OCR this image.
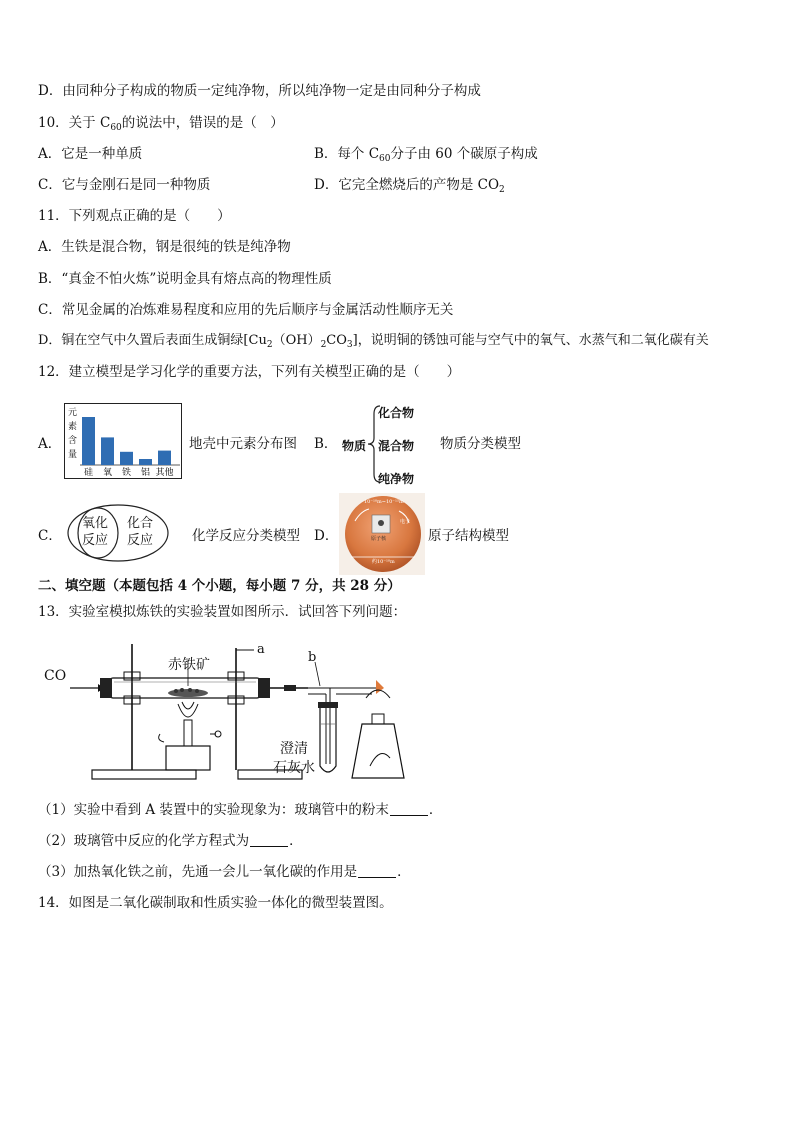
D．由同种分子构成的物质一定纯净物，所以纯净物一定是由同种分子构成
10．关于 $C_{60}$的说法中，错误的是（　）
A．它是一种单质	B．每个 $C_{60}$分子由 60 个碳原子构成
C．它与金刚石是同一种物质	D．它完全燃烧后的产物是 $CO_2$
11．下列观点正确的是（　　）
A．生铁是混合物，钢是很纯的铁是纯净物
B．“真金不怕火炼”说明金具有熔点高的物理性质
C．常见金属的冶炼难易程度和应用的先后顺序与金属活动性顺序无关
D．铜在空气中久置后表面生成铜绿$[Cu_2(OH)_2CO_3]$，说明铜的锈蚀可能与空气中的氧气、水蒸气和二氧化碳有关
12．建立模型是学习化学的重要方法，下列有关模型正确的是（　　）
A．
元
素
含
量
硅 氧 铁 铝 其他
地壳中元素分布图 B． 物质
化合物
混合物
纯净物
物质分类模型
C．
氧化
反应
化合
反应	化学反应分类模型 D．
10⁻¹⁰m~10⁻¹⁵m
原子核
电子
约10⁻¹⁰m
原子结构模型
二、填空题（本题包括 4 个小题，每小题 7 分，共 28 分）
13．实验室模拟炼铁的实验装置如图所示．试回答下列问题：
CO
赤铁矿
a
b
澄清
石灰水
（1）实验中看到 A 装置中的实验现象为：玻璃管中的粉末	．
（2）玻璃管中反应的化学方程式为	．
（3）加热氧化铁之前，先通一会儿一氧化碳的作用是	．
14．如图是二氧化碳制取和性质实验一体化的微型装置图。
